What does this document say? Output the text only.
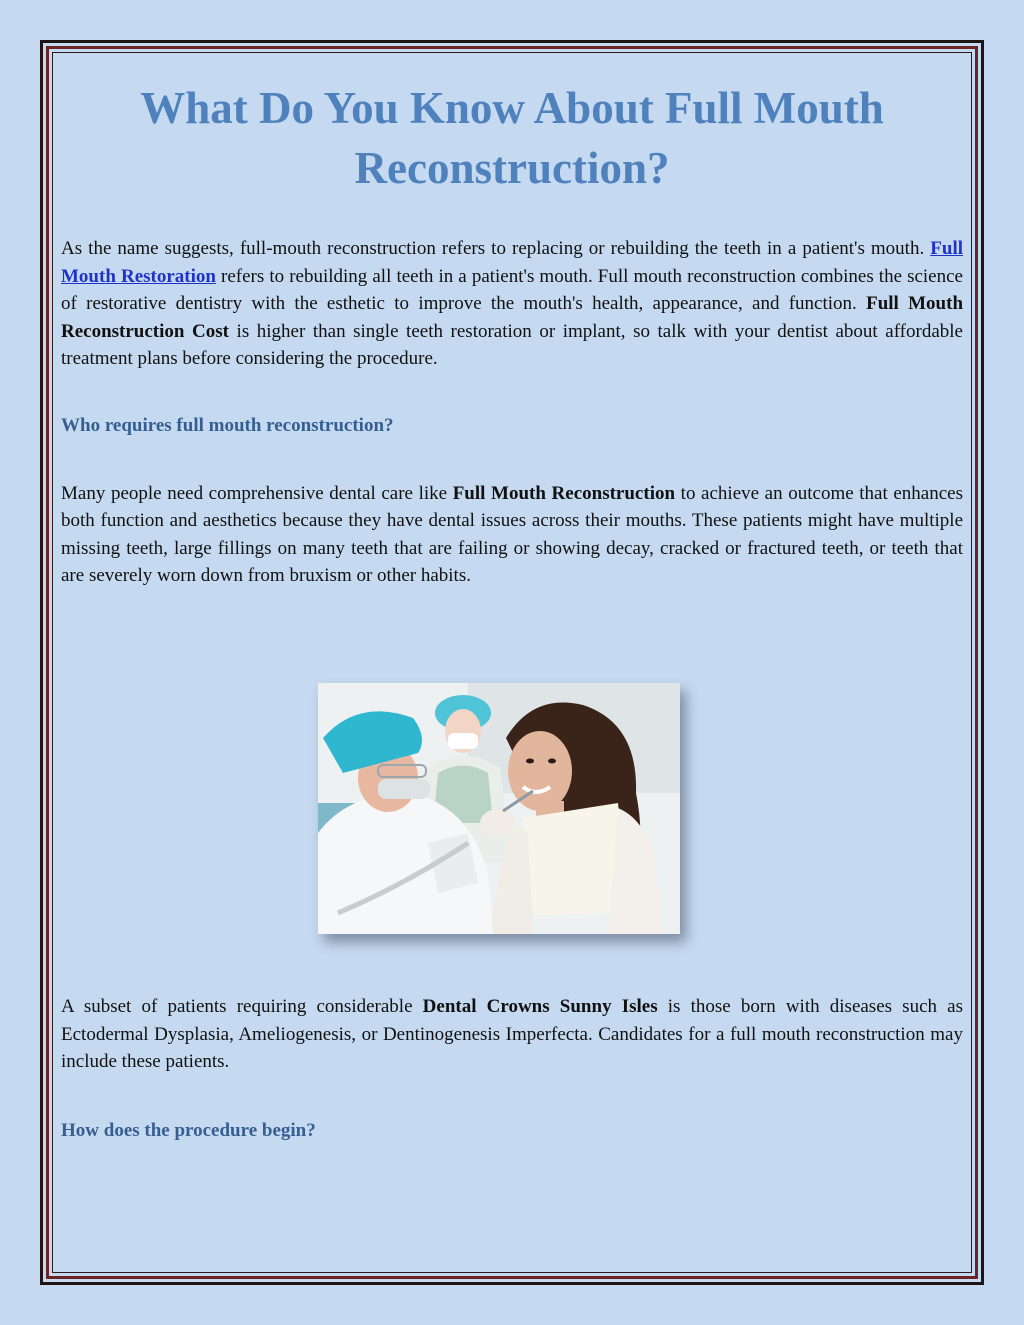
What Do You Know About Full Mouth
Reconstruction?

As the name suggests, full-mouth reconstruction refers to replacing or rebuilding the teeth in a patient's mouth. Full Mouth Restoration refers to rebuilding all teeth in a patient's mouth. Full mouth reconstruction combines the science of restorative dentistry with the esthetic to improve the mouth's health, appearance, and function. Full Mouth Reconstruction Cost is higher than single teeth restoration or implant, so talk with your dentist about affordable treatment plans before considering the procedure.

Who requires full mouth reconstruction?

Many people need comprehensive dental care like Full Mouth Reconstruction to achieve an outcome that enhances both function and aesthetics because they have dental issues across their mouths. These patients might have multiple missing teeth, large fillings on many teeth that are failing or showing decay, cracked or fractured teeth, or teeth that are severely worn down from bruxism or other habits.

A subset of patients requiring considerable Dental Crowns Sunny Isles is those born with diseases such as Ectodermal Dysplasia, Ameliogenesis, or Dentinogenesis Imperfecta. Candidates for a full mouth reconstruction may include these patients.

How does the procedure begin?
